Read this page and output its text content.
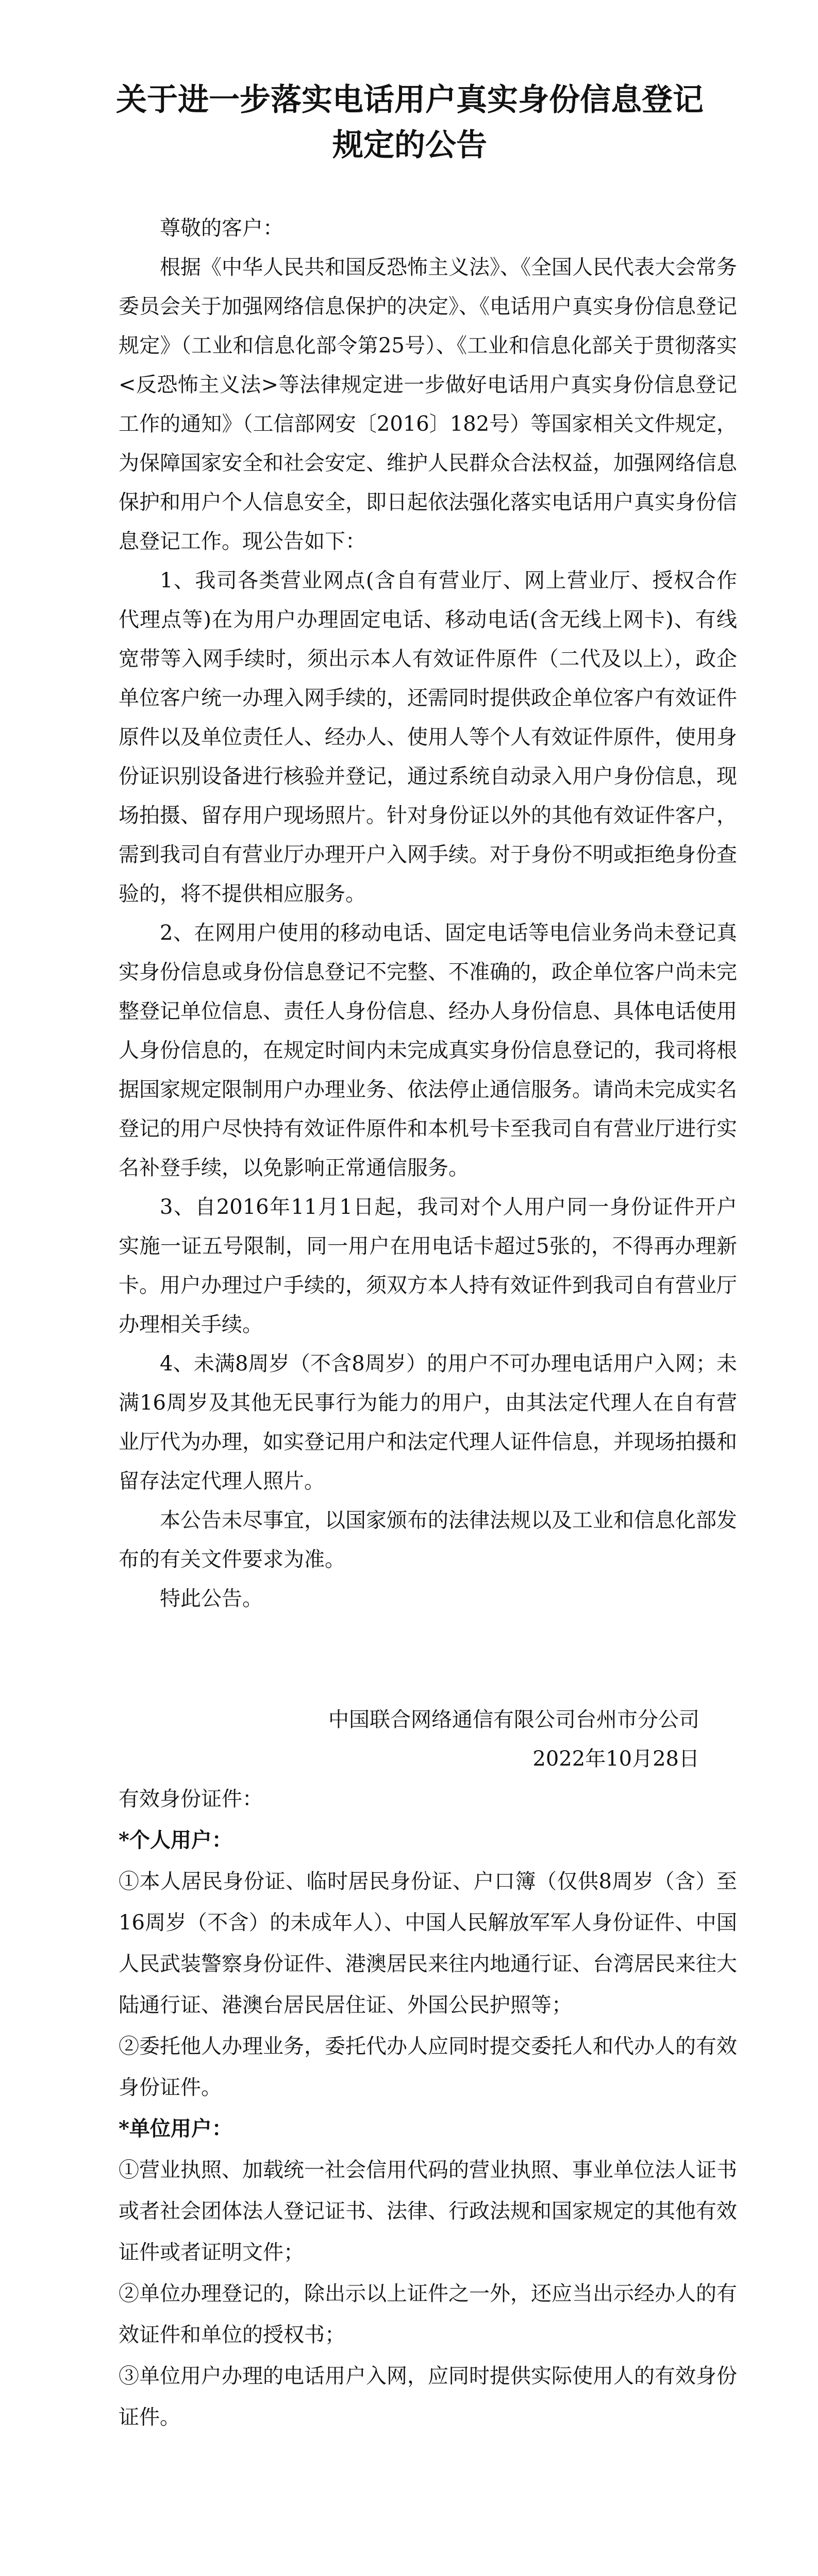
关于进一步落实电话用户真实身份信息登记规定的公告

尊敬的客户：

根据《中华人民共和国反恐怖主义法》、《全国人民代表大会常务委员会关于加强网络信息保护的决定》、《电话用户真实身份信息登记规定》（工业和信息化部令第25号）、《工业和信息化部关于贯彻落实<反恐怖主义法>等法律规定进一步做好电话用户真实身份信息登记工作的通知》（工信部网安〔2016〕182号）等国家相关文件规定，为保障国家安全和社会安定、维护人民群众合法权益，加强网络信息保护和用户个人信息安全，即日起依法强化落实电话用户真实身份信息登记工作。现公告如下：

1、我司各类营业网点(含自有营业厅、网上营业厅、授权合作代理点等)在为用户办理固定电话、移动电话(含无线上网卡)、有线宽带等入网手续时，须出示本人有效证件原件（二代及以上），政企单位客户统一办理入网手续的，还需同时提供政企单位客户有效证件原件以及单位责任人、经办人、使用人等个人有效证件原件，使用身份证识别设备进行核验并登记，通过系统自动录入用户身份信息，现场拍摄、留存用户现场照片。针对身份证以外的其他有效证件客户，需到我司自有营业厅办理开户入网手续。对于身份不明或拒绝身份查验的，将不提供相应服务。

2、在网用户使用的移动电话、固定电话等电信业务尚未登记真实身份信息或身份信息登记不完整、不准确的，政企单位客户尚未完整登记单位信息、责任人身份信息、经办人身份信息、具体电话使用人身份信息的，在规定时间内未完成真实身份信息登记的，我司将根据国家规定限制用户办理业务、依法停止通信服务。请尚未完成实名登记的用户尽快持有效证件原件和本机号卡至我司自有营业厅进行实名补登手续，以免影响正常通信服务。

3、自2016年11月1日起，我司对个人用户同一身份证件开户实施一证五号限制，同一用户在用电话卡超过5张的，不得再办理新卡。用户办理过户手续的，须双方本人持有效证件到我司自有营业厅办理相关手续。

4、未满8周岁（不含8周岁）的用户不可办理电话用户入网；未满16周岁及其他无民事行为能力的用户，由其法定代理人在自有营业厅代为办理，如实登记用户和法定代理人证件信息，并现场拍摄和留存法定代理人照片。

本公告未尽事宜，以国家颁布的法律法规以及工业和信息化部发布的有关文件要求为准。

特此公告。

中国联合网络通信有限公司台州市分公司

2022年10月28日

有效身份证件：

*个人用户：

①本人居民身份证、临时居民身份证、户口簿（仅供8周岁（含）至16周岁（不含）的未成年人）、中国人民解放军军人身份证件、中国人民武装警察身份证件、港澳居民来往内地通行证、台湾居民来往大陆通行证、港澳台居民居住证、外国公民护照等；

②委托他人办理业务，委托代办人应同时提交委托人和代办人的有效身份证件。

*单位用户：

①营业执照、加载统一社会信用代码的营业执照、事业单位法人证书或者社会团体法人登记证书、法律、行政法规和国家规定的其他有效证件或者证明文件；

②单位办理登记的，除出示以上证件之一外，还应当出示经办人的有效证件和单位的授权书；

③单位用户办理的电话用户入网，应同时提供实际使用人的有效身份证件。
